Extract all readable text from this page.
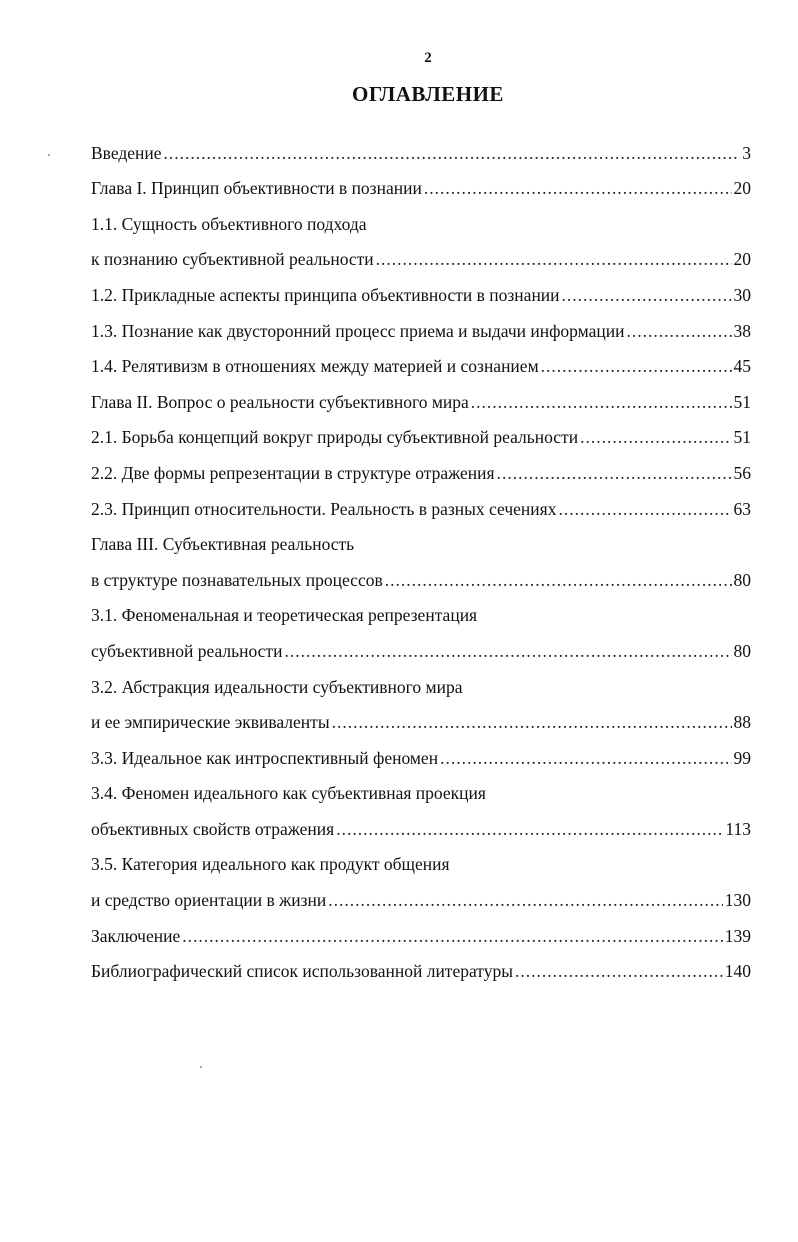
2
ОГЛАВЛЕНИЕ
Введение .....	3
Глава I. Принцип объективности в познании .....	20
1.1. Сущность объективного подхода
к познанию субъективной реальности .....	20
1.2. Прикладные аспекты принципа объективности в познании .....	30
1.3. Познание как двусторонний процесс приема и выдачи информации .....	38
1.4. Релятивизм в отношениях между материей и сознанием .....	45
Глава II. Вопрос о реальности субъективного мира .....	51
2.1. Борьба концепций вокруг природы субъективной реальности .....	51
2.2. Две формы репрезентации в структуре отражения .....	56
2.3. Принцип относительности. Реальность в разных сечениях .....	63
Глава III. Субъективная реальность
в структуре познавательных процессов .....	80
3.1. Феноменальная и теоретическая репрезентация
субъективной реальности .....	80
3.2. Абстракция идеальности субъективного мира
и ее эмпирические эквиваленты .....	88
3.3. Идеальное как интроспективный феномен .....	99
3.4. Феномен идеального как субъективная проекция
объективных свойств отражения .....	113
3.5. Категория идеального как продукт общения
и средство ориентации в жизни .....	130
Заключение .....	139
Библиографический список использованной литературы .....	140
